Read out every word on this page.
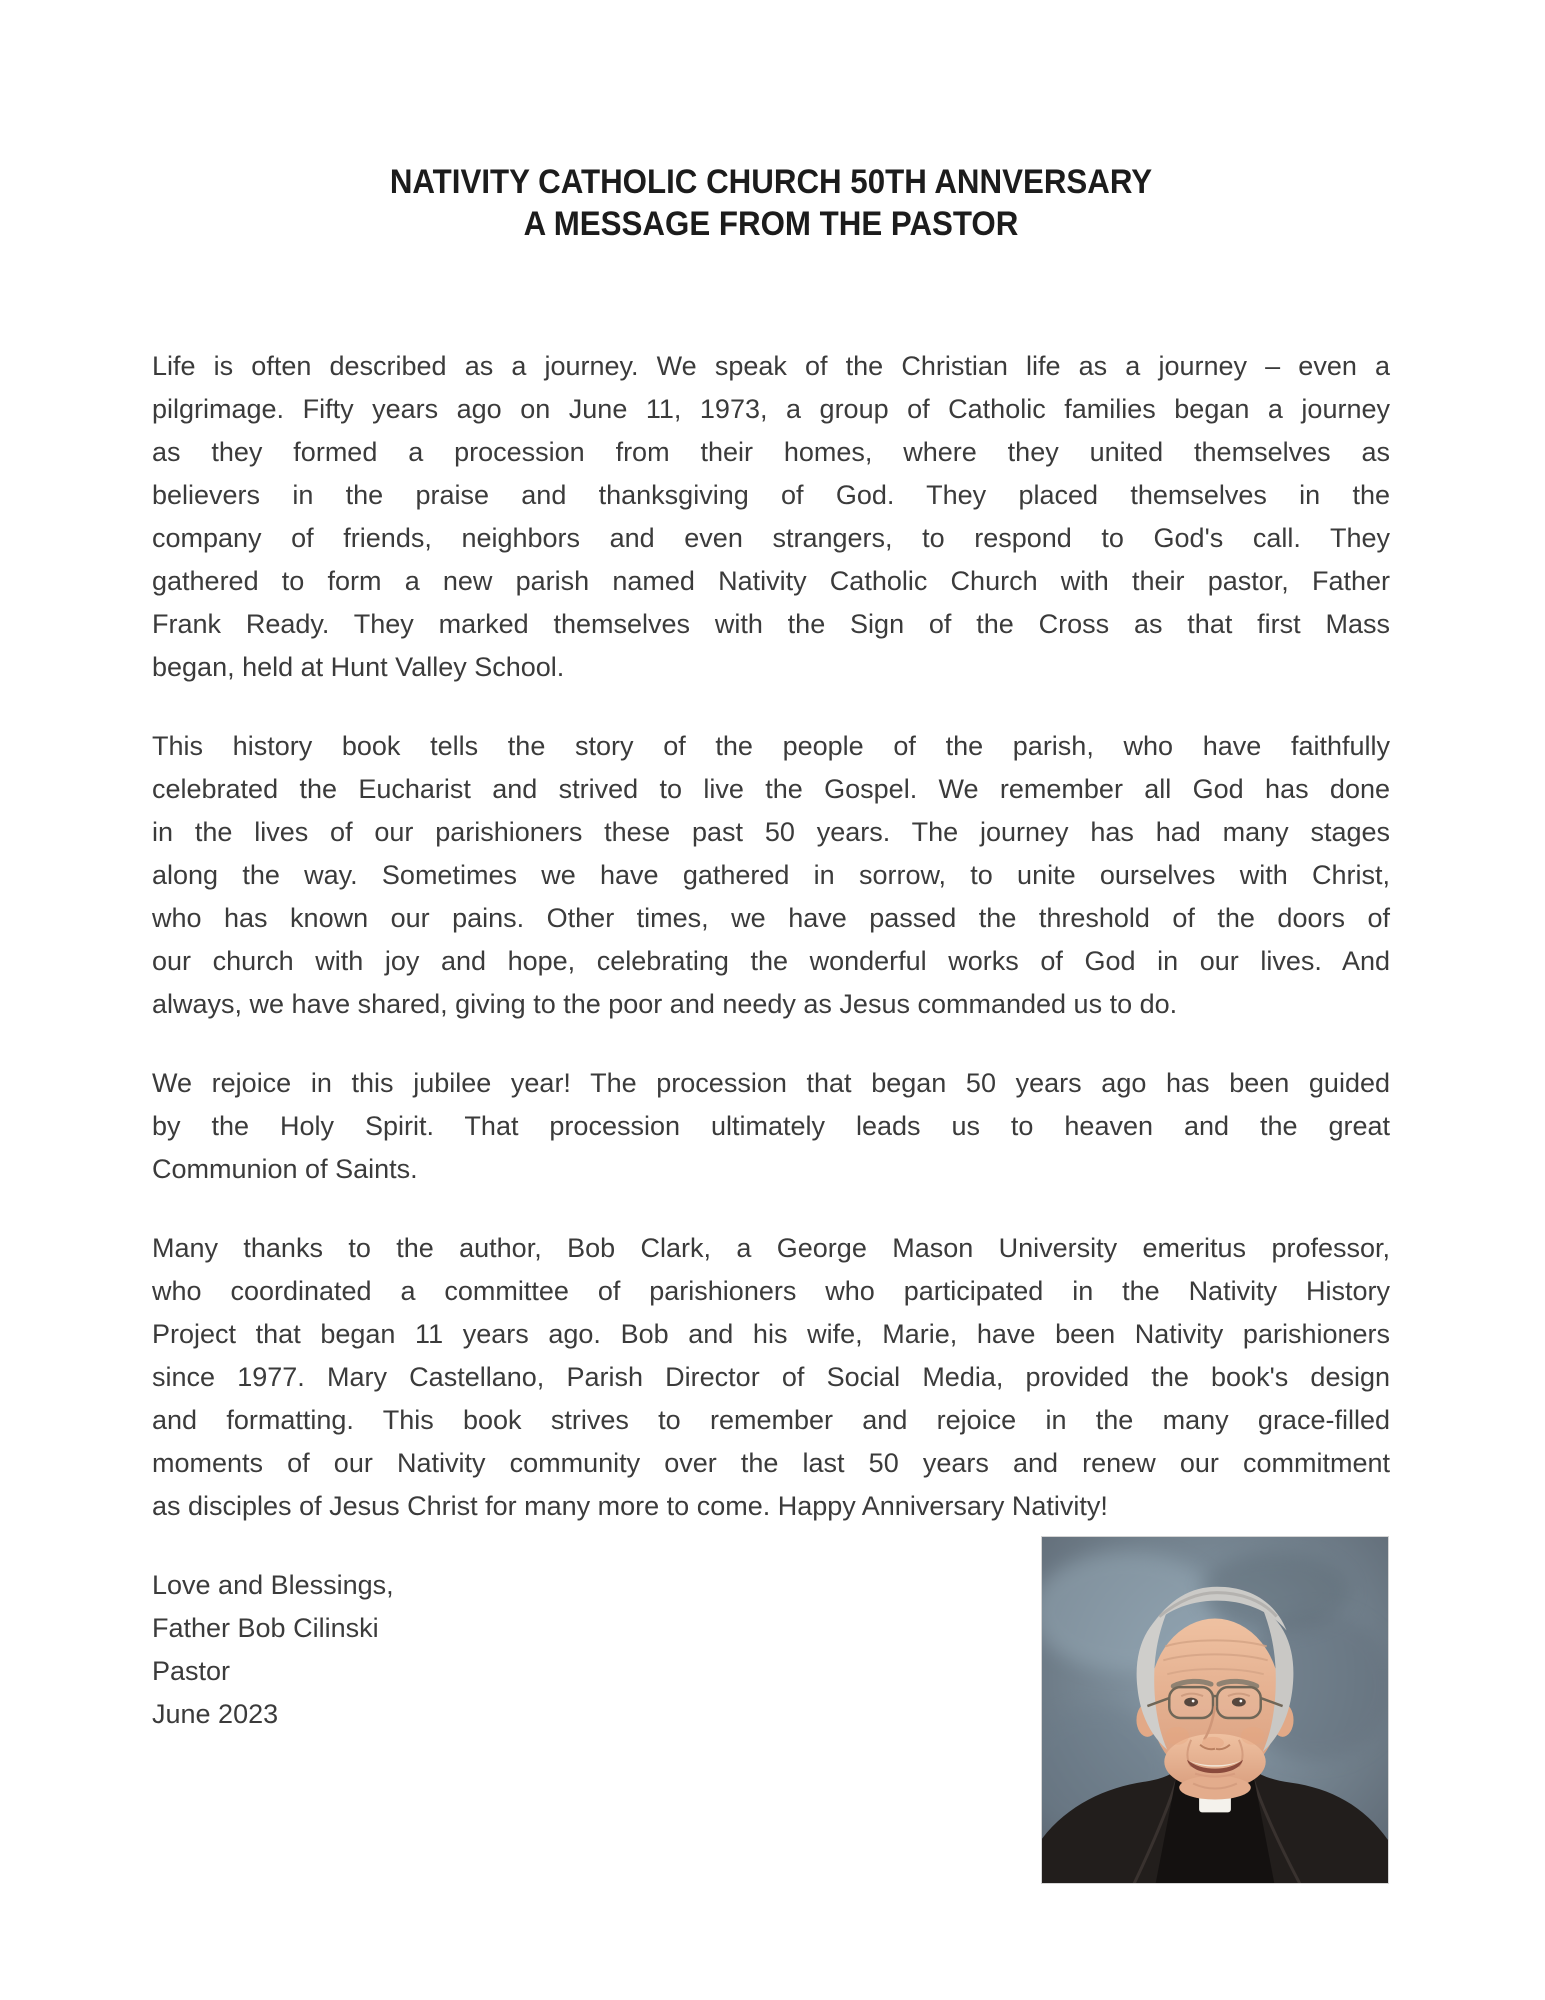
NATIVITY CATHOLIC CHURCH 50TH ANNVERSARY
A MESSAGE FROM THE PASTOR
Life is often described as a journey. We speak of the Christian life as a journey – even a
pilgrimage. Fifty years ago on June 11, 1973, a group of Catholic families began a journey
as they formed a procession from their homes, where they united themselves as
believers in the praise and thanksgiving of God. They placed themselves in the
company of friends, neighbors and even strangers, to respond to God's call. They
gathered to form a new parish named Nativity Catholic Church with their pastor, Father
Frank Ready. They marked themselves with the Sign of the Cross as that first Mass
began, held at Hunt Valley School.
This history book tells the story of the people of the parish, who have faithfully
celebrated the Eucharist and strived to live the Gospel. We remember all God has done
in the lives of our parishioners these past 50 years. The journey has had many stages
along the way. Sometimes we have gathered in sorrow, to unite ourselves with Christ,
who has known our pains. Other times, we have passed the threshold of the doors of
our church with joy and hope, celebrating the wonderful works of God in our lives. And
always, we have shared, giving to the poor and needy as Jesus commanded us to do.
We rejoice in this jubilee year! The procession that began 50 years ago has been guided
by the Holy Spirit. That procession ultimately leads us to heaven and the great
Communion of Saints.
Many thanks to the author, Bob Clark, a George Mason University emeritus professor,
who coordinated a committee of parishioners who participated in the Nativity History
Project that began 11 years ago. Bob and his wife, Marie, have been Nativity parishioners
since 1977. Mary Castellano, Parish Director of Social Media, provided the book's design
and formatting. This book strives to remember and rejoice in the many grace-filled
moments of our Nativity community over the last 50 years and renew our commitment
as disciples of Jesus Christ for many more to come. Happy Anniversary Nativity!
Love and Blessings,
Father Bob Cilinski
Pastor
June 2023
